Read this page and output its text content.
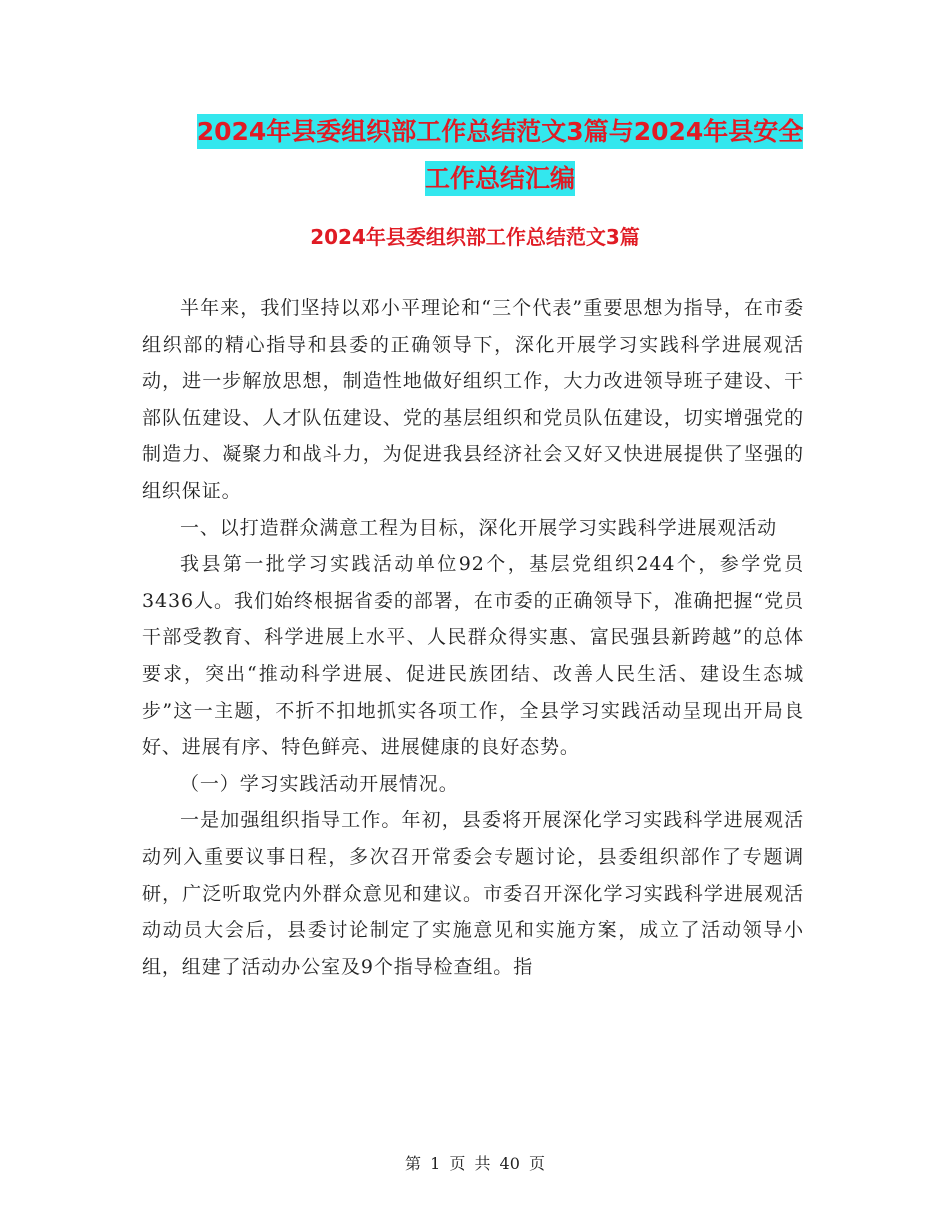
2024年县委组织部工作总结范文3篇与2024年县安全
工作总结汇编
2024年县委组织部工作总结范文3篇

半年来，我们坚持以邓小平理论和“三个代表”重要思想为指导，在市委组织部的精心指导和县委的正确领导下，深化开展学习实践科学进展观活动，进一步解放思想，制造性地做好组织工作，大力改进领导班子建设、干部队伍建设、人才队伍建设、党的基层组织和党员队伍建设，切实增强党的制造力、凝聚力和战斗力，为促进我县经济社会又好又快进展提供了坚强的组织保证。

一、以打造群众满意工程为目标，深化开展学习实践科学进展观活动

我县第一批学习实践活动单位92个，基层党组织244个，参学党员3436人。我们始终根据省委的部署，在市委的正确领导下，准确把握“党员干部受教育、科学进展上水平、人民群众得实惠、富民强县新跨越”的总体要求，突出“推动科学进展、促进民族团结、改善人民生活、建设生态城步”这一主题，不折不扣地抓实各项工作，全县学习实践活动呈现出开局良好、进展有序、特色鲜亮、进展健康的良好态势。

（一）学习实践活动开展情况。

一是加强组织指导工作。年初，县委将开展深化学习实践科学进展观活动列入重要议事日程，多次召开常委会专题讨论，县委组织部作了专题调研，广泛听取党内外群众意见和建议。市委召开深化学习实践科学进展观活动动员大会后，县委讨论制定了实施意见和实施方案，成立了活动领导小组，组建了活动办公室及9个指导检查组。指

第 1 页 共 40 页
